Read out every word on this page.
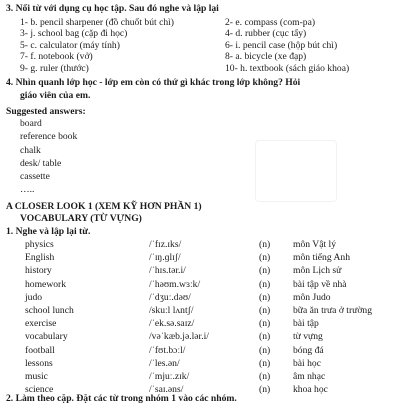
3. Nối từ với dụng cụ học tập. Sau đó nghe và lập lại
1- b. pencil sharpener (đồ chuốt bút chì)	2- e. compass (com-pa)
3- j. school bag (cặp đi học)	4- d. rubber (cục tẩy)
5- c. calculator (máy tính)	6- i. pencil case (hộp bút chì)
7- f. notebook (vở)	8- a. bicycle (xe đạp)
9- g. ruler (thước)	10- h. textbook (sách giáo khoa)
4. Nhìn quanh lớp học - lớp em còn có thứ gì khác trong lớp không? Hỏi
giáo viên của em.
Suggested answers:
board
reference book
chalk
desk/ table
cassette
…..
A CLOSER LOOK 1 (XEM KỸ HƠN PHẦN 1)
VOCABULARY (TỪ VỰNG)
1. Nghe và lập lại từ.
physics	/ˈfɪz.ɪks/	(n)	môn Vật lý
English	/ˈɪŋ.ɡlɪʃ/	(n)	môn tiếng Anh
history	/ˈhɪs.tər.i/	(n)	môn Lịch sử
homework	/ˈhəʊm.wɜːk/	(n)	bài tập về nhà
judo	/ˈdʒuː.dəʊ/	(n)	môn Judo
school lunch	/skuːl lʌntʃ/	(n)	bữa ăn trưa ở trường
exercise	/ˈek.sə.saɪz/	(n)	bài tập
vocabulary	/vəˈkæb.jə.lər.i/	(n)	từ vựng
football	/ˈfʊt.bɔːl/	(n)	bóng đá
lessons	/ˈles.ən/	(n)	bài học
music	/ˈmjuː.zɪk/	(n)	âm nhạc
science	/ˈsaɪ.əns/	(n)	khoa học
2. Làm theo cặp. Đặt các từ trong nhóm 1 vào các nhóm.
